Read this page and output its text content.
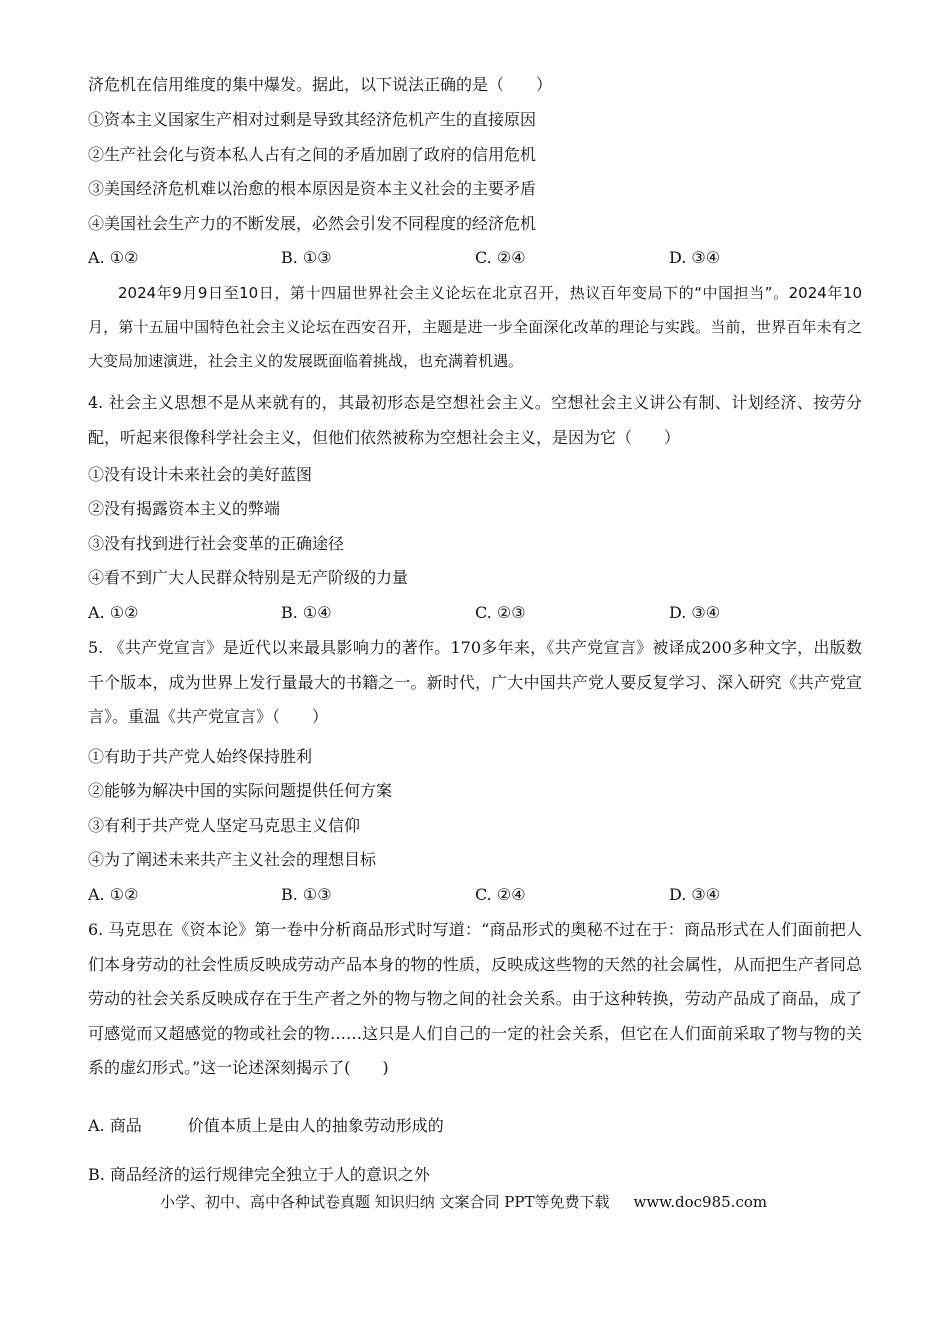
济危机在信用维度的集中爆发。据此，以下说法正确的是（　　）
①资本主义国家生产相对过剩是导致其经济危机产生的直接原因
②生产社会化与资本私人占有之间的矛盾加剧了政府的信用危机
③美国经济危机难以治愈的根本原因是资本主义社会的主要矛盾
④美国社会生产力的不断发展，必然会引发不同程度的经济危机
A. ①②	B. ①③	C. ②④	D. ③④
2024年9月9日至10日，第十四届世界社会主义论坛在北京召开，热议百年变局下的“中国担当”。2024年10月，第十五届中国特色社会主义论坛在西安召开，主题是进一步全面深化改革的理论与实践。当前，世界百年未有之大变局加速演进，社会主义的发展既面临着挑战，也充满着机遇。
4. 社会主义思想不是从来就有的，其最初形态是空想社会主义。空想社会主义讲公有制、计划经济、按劳分配，听起来很像科学社会主义，但他们依然被称为空想社会主义，是因为它（　　）
①没有设计未来社会的美好蓝图
②没有揭露资本主义的弊端
③没有找到进行社会变革的正确途径
④看不到广大人民群众特别是无产阶级的力量
A. ①②	B. ①④	C. ②③	D. ③④
5. 《共产党宣言》是近代以来最具影响力的著作。170多年来，《共产党宣言》被译成200多种文字，出版数千个版本，成为世界上发行量最大的书籍之一。新时代，广大中国共产党人要反复学习、深入研究《共产党宣言》。重温《共产党宣言》（　　）
①有助于共产党人始终保持胜利
②能够为解决中国的实际问题提供任何方案
③有利于共产党人坚定马克思主义信仰
④为了阐述未来共产主义社会的理想目标
A. ①②	B. ①③	C. ②④	D. ③④
6. 马克思在《资本论》第一卷中分析商品形式时写道：“商品形式的奥秘不过在于：商品形式在人们面前把人们本身劳动的社会性质反映成劳动产品本身的物的性质，反映成这些物的天然的社会属性，从而把生产者同总劳动的社会关系反映成存在于生产者之外的物与物之间的社会关系。由于这种转换，劳动产品成了商品，成了可感觉而又超感觉的物或社会的物……这只是人们自己的一定的社会关系，但它在人们面前采取了物与物的关系的虚幻形式。”这一论述深刻揭示了(　　)
A. 商品	价值本质上是由人的抽象劳动形成的
B. 商品经济的运行规律完全独立于人的意识之外
小学、初中、高中各种试卷真题 知识归纳 文案合同 PPT等免费下载 www.doc985.com
